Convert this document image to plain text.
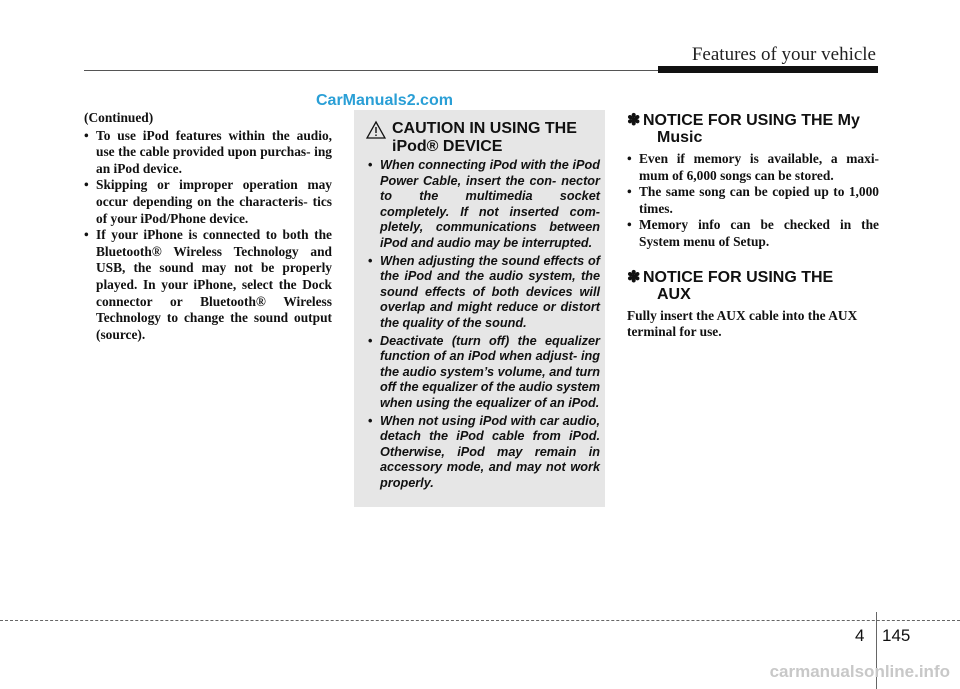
Features of your vehicle
CarManuals2.com
(Continued)
• To use iPod features within the audio, use the cable provided upon purchas- ing an iPod device.
• Skipping or improper operation may occur depending on the characteris- tics of your iPod/Phone device.
• If your iPhone is connected to both the Bluetooth® Wireless Technology and USB, the sound may not be properly played. In your iPhone, select the Dock connector or Bluetooth® Wireless Technology to change the sound output (source).
CAUTION IN USING THE iPod® DEVICE
• When connecting iPod with the iPod Power Cable, insert the con- nector to the multimedia socket completely. If not inserted com- pletely, communications between iPod and audio may be interrupted.
• When adjusting the sound effects of the iPod and the audio system, the sound effects of both devices will overlap and might reduce or distort the quality of the sound.
• Deactivate (turn off) the equalizer function of an iPod when adjust- ing the audio system’s volume, and turn off the equalizer of the audio system when using the equalizer of an iPod.
• When not using iPod with car audio, detach the iPod cable from iPod. Otherwise, iPod may remain in accessory mode, and may not work properly.
✽ NOTICE FOR USING THE My
Music
• Even if memory is available, a maxi- mum of 6,000 songs can be stored.
• The same song can be copied up to 1,000 times.
• Memory info can be checked in the System menu of Setup.
✽ NOTICE FOR USING THE
AUX
Fully insert the AUX cable into the AUX terminal for use.
4 145
carmanualsonline.info
